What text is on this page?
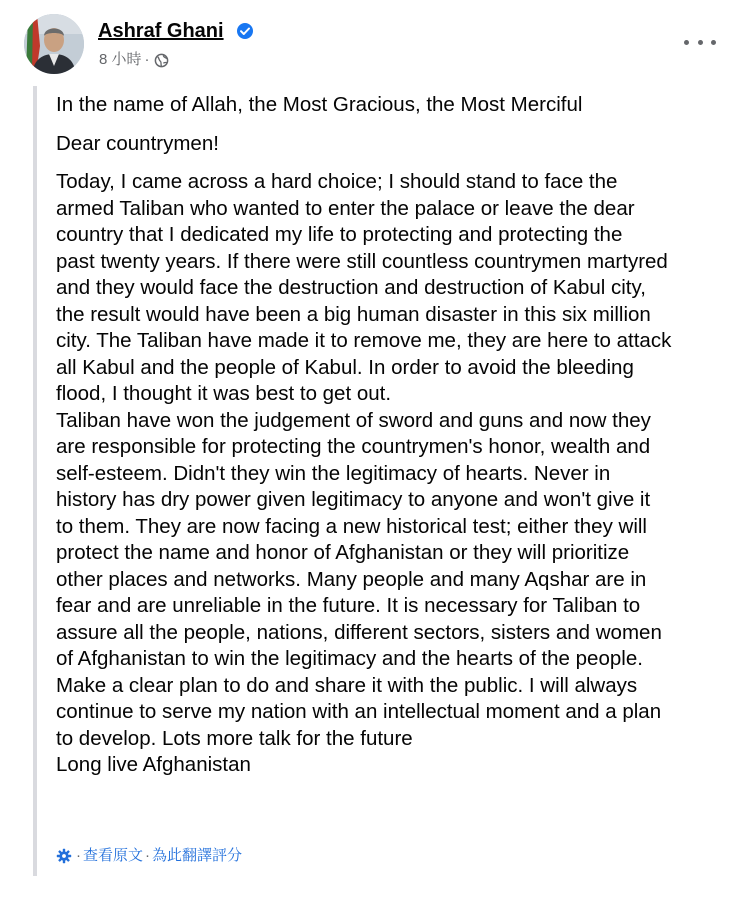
Ashraf Ghani
8 小時 ·

In the name of Allah, the Most Gracious, the Most Merciful

Dear countrymen!

Today, I came across a hard choice; I should stand to face the
armed Taliban who wanted to enter the palace or leave the dear
country that I dedicated my life to protecting and protecting the
past twenty years. If there were still countless countrymen martyred
and they would face the destruction and destruction of Kabul city,
the result would have been a big human disaster in this six million
city. The Taliban have made it to remove me, they are here to attack
all Kabul and the people of Kabul. In order to avoid the bleeding
flood, I thought it was best to get out.
Taliban have won the judgement of sword and guns and now they
are responsible for protecting the countrymen's honor, wealth and
self-esteem. Didn't they win the legitimacy of hearts. Never in
history has dry power given legitimacy to anyone and won't give it
to them. They are now facing a new historical test; either they will
protect the name and honor of Afghanistan or they will prioritize
other places and networks. Many people and many Aqshar are in
fear and are unreliable in the future. It is necessary for Taliban to
assure all the people, nations, different sectors, sisters and women
of Afghanistan to win the legitimacy and the hearts of the people.
Make a clear plan to do and share it with the public. I will always
continue to serve my nation with an intellectual moment and a plan
to develop. Lots more talk for the future
Long live Afghanistan

· 查看原文 · 為此翻譯評分
